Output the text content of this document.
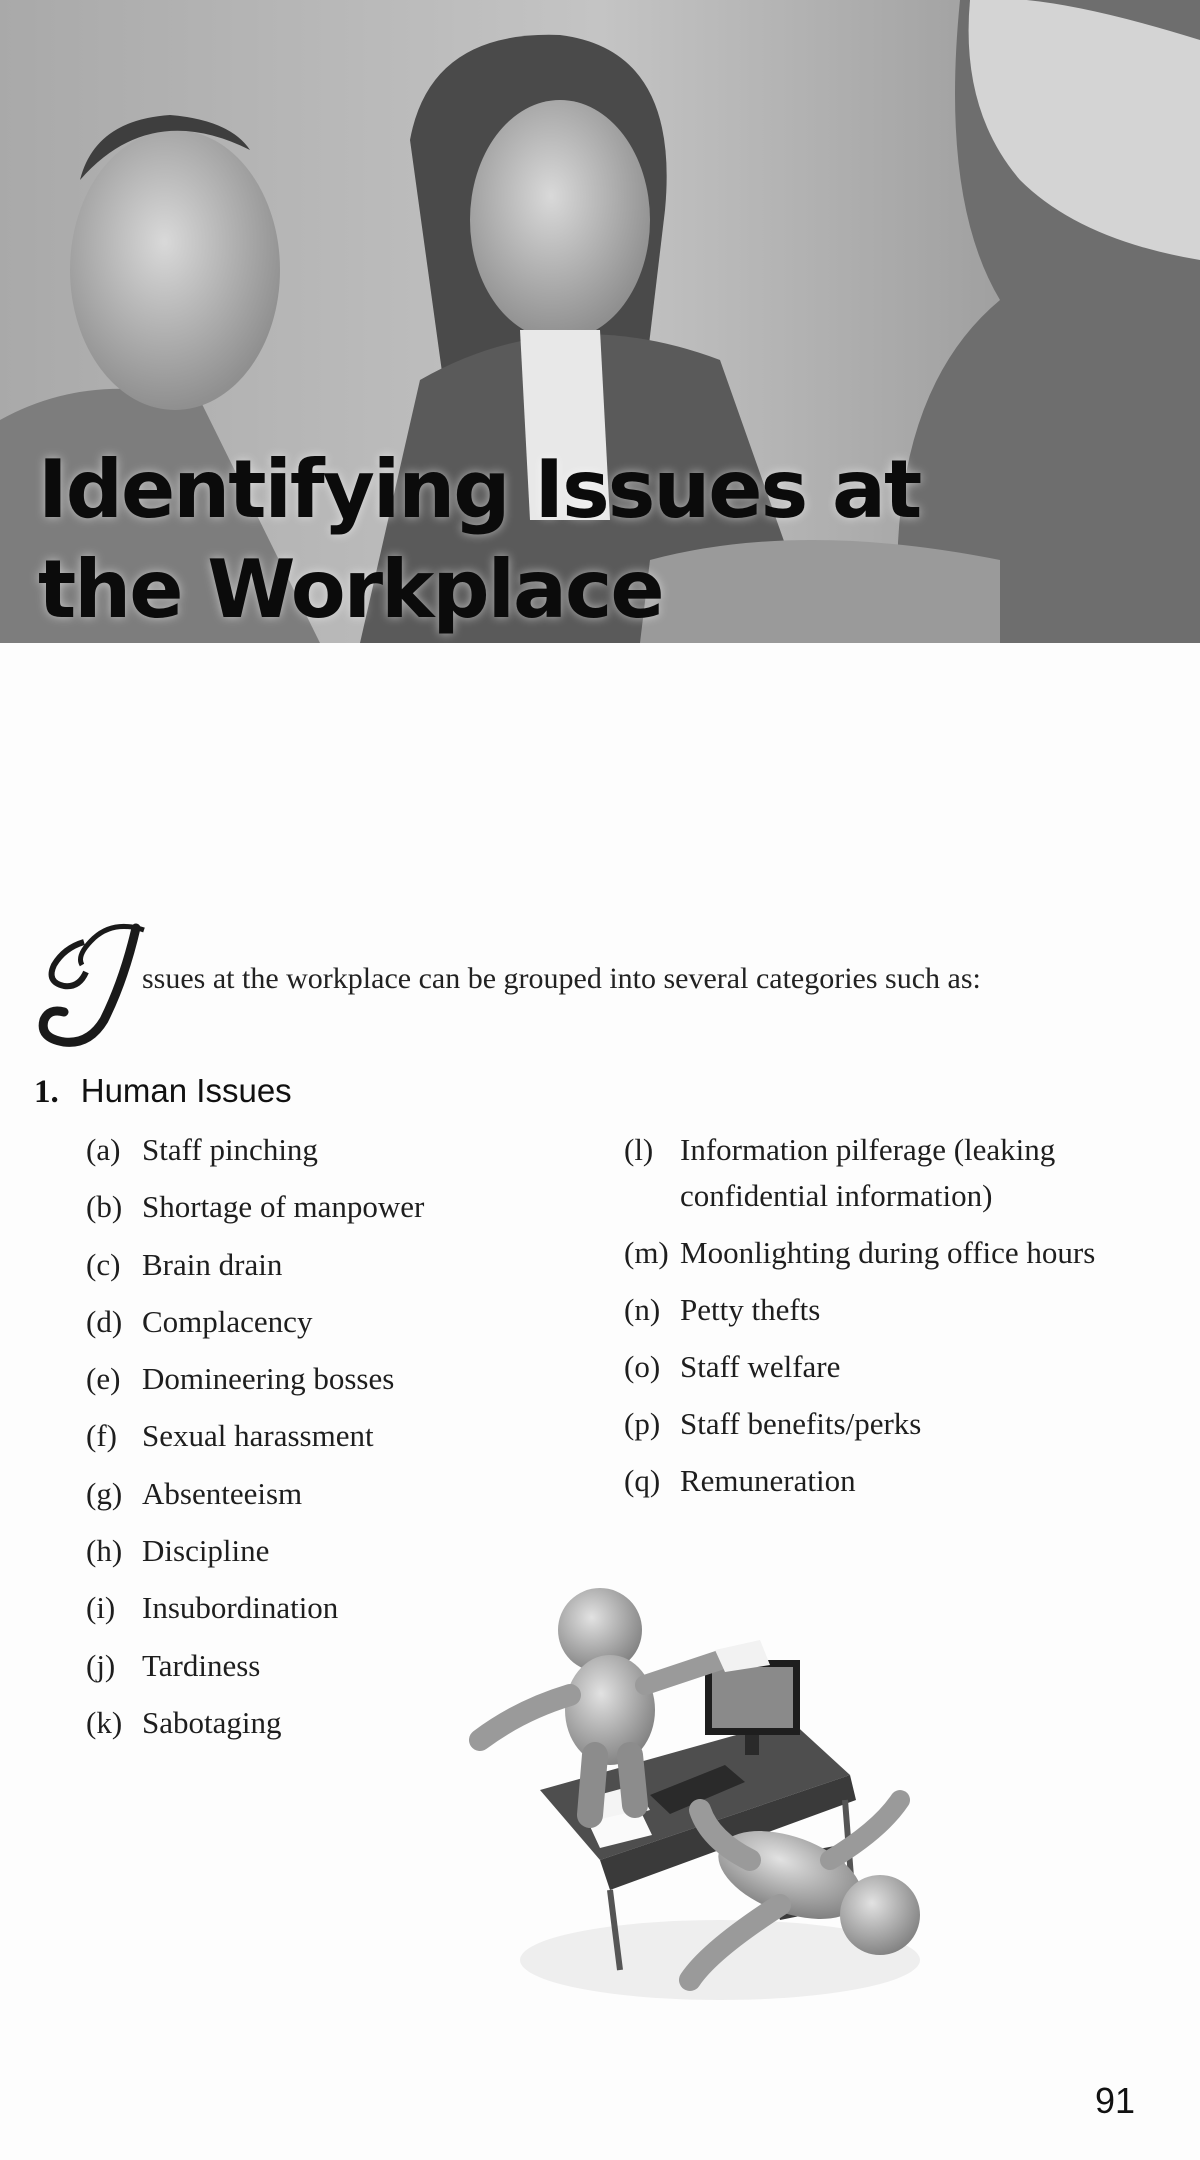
Identifying Issues at
the Workplace

ssues at the workplace can be grouped into several categories such as:

1. Human Issues
(a) Staff pinching
(b) Shortage of manpower
(c) Brain drain
(d) Complacency
(e) Domineering bosses
(f) Sexual harassment
(g) Absenteeism
(h) Discipline
(i) Insubordination
(j) Tardiness
(k) Sabotaging
(l) Information pilferage (leaking confidential information)
(m) Moonlighting during office hours
(n) Petty thefts
(o) Staff welfare
(p) Staff benefits/perks
(q) Remuneration

91
